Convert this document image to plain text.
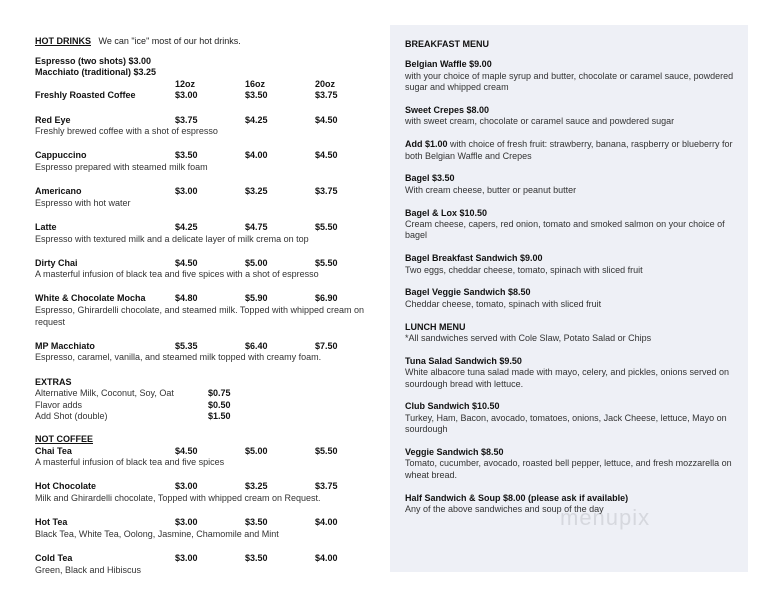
HOT DRINKS We can "ice" most of our hot drinks.
Espresso (two shots) $3.00
Macchiato (traditional) $3.25
12oz	16oz	20oz
Freshly Roasted Coffee	$3.00	$3.50	$3.75
Red Eye	$3.75	$4.25	$4.50
Freshly brewed coffee with a shot of espresso
Cappuccino	$3.50	$4.00	$4.50
Espresso prepared with steamed milk foam
Americano	$3.00	$3.25	$3.75
Espresso with hot water
Latte	$4.25	$4.75	$5.50
Espresso with textured milk and a delicate layer of milk crema on top
Dirty Chai	$4.50	$5.00	$5.50
A masterful infusion of black tea and five spices with a shot of espresso
White & Chocolate Mocha	$4.80	$5.90	$6.90
Espresso, Ghirardelli chocolate, and steamed milk. Topped with whipped cream on request
MP Macchiato	$5.35	$6.40	$7.50
Espresso, caramel, vanilla, and steamed milk topped with creamy foam.
EXTRAS
Alternative Milk, Coconut, Soy, Oat	$0.75
Flavor adds	$0.50
Add Shot (double)	$1.50
NOT COFFEE
Chai Tea	$4.50	$5.00	$5.50
A masterful infusion of black tea and five spices
Hot Chocolate	$3.00	$3.25	$3.75
Milk and Ghirardelli chocolate, Topped with whipped cream on Request.
Hot Tea	$3.00	$3.50	$4.00
Black Tea, White Tea, Oolong, Jasmine, Chamomile and Mint
Cold Tea	$3.00	$3.50	$4.00
Green, Black and Hibiscus
menupix
BREAKFAST MENU
Belgian Waffle $9.00
with your choice of maple syrup and butter, chocolate or caramel sauce, powdered sugar and whipped cream
Sweet Crepes $8.00
with sweet cream, chocolate or caramel sauce and powdered sugar
Add $1.00 with choice of fresh fruit: strawberry, banana, raspberry or blueberry for both Belgian Waffle and Crepes
Bagel $3.50
With cream cheese, butter or peanut butter
Bagel & Lox $10.50
Cream cheese, capers, red onion, tomato and smoked salmon on your choice of bagel
Bagel Breakfast Sandwich $9.00
Two eggs, cheddar cheese, tomato, spinach with sliced fruit
Bagel Veggie Sandwich $8.50
Cheddar cheese, tomato, spinach with sliced fruit
LUNCH MENU
*All sandwiches served with Cole Slaw, Potato Salad or Chips
Tuna Salad Sandwich $9.50
White albacore tuna salad made with mayo, celery, and pickles, onions served on sourdough bread with lettuce.
Club Sandwich $10.50
Turkey, Ham, Bacon, avocado, tomatoes, onions, Jack Cheese, lettuce, Mayo on sourdough
Veggie Sandwich $8.50
Tomato, cucumber, avocado, roasted bell pepper, lettuce, and fresh mozzarella on wheat bread.
Half Sandwich & Soup $8.00 (please ask if available)
Any of the above sandwiches and soup of the day
